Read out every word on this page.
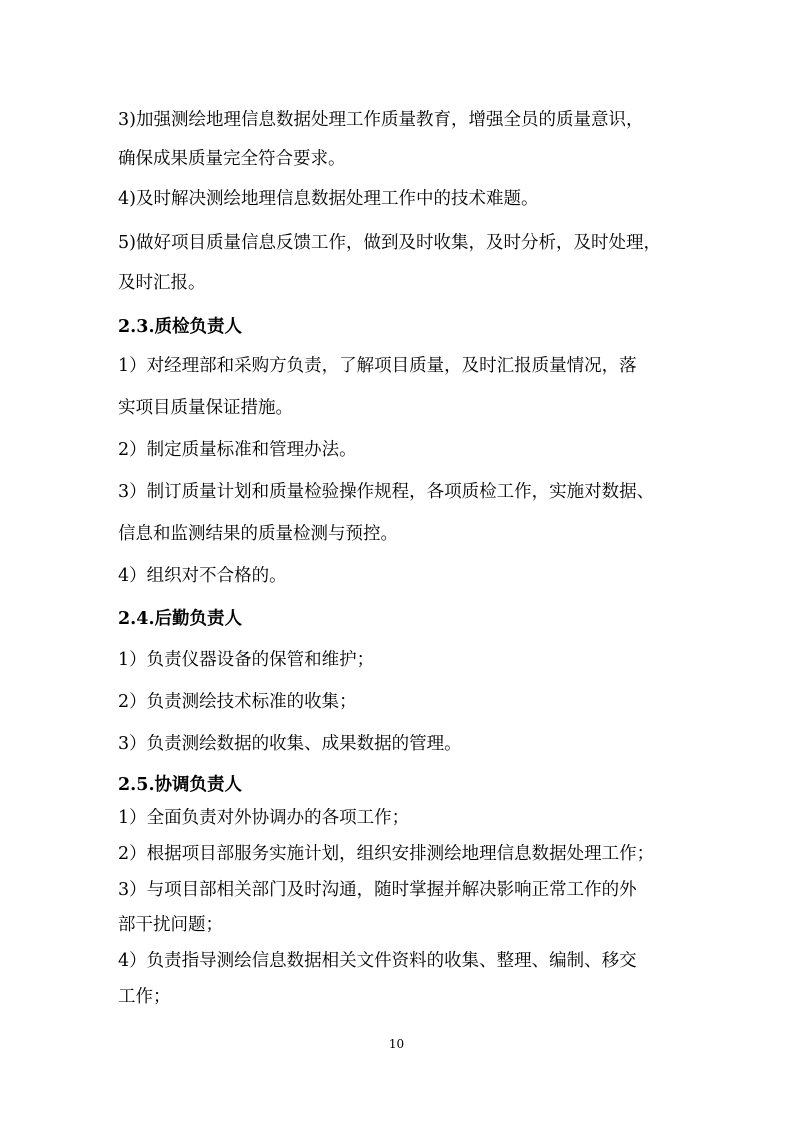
3)加强测绘地理信息数据处理工作质量教育，增强全员的质量意识，
确保成果质量完全符合要求。
4)及时解决测绘地理信息数据处理工作中的技术难题。
5)做好项目质量信息反馈工作，做到及时收集，及时分析，及时处理，
及时汇报。
2.3.质检负责人
1）对经理部和采购方负责，了解项目质量，及时汇报质量情况，落
实项目质量保证措施。
2）制定质量标准和管理办法。
3）制订质量计划和质量检验操作规程，各项质检工作，实施对数据、
信息和监测结果的质量检测与预控。
4）组织对不合格的。
2.4.后勤负责人
1）负责仪器设备的保管和维护；
2）负责测绘技术标准的收集；
3）负责测绘数据的收集、成果数据的管理。
2.5.协调负责人
1）全面负责对外协调办的各项工作；
2）根据项目部服务实施计划，组织安排测绘地理信息数据处理工作；
3）与项目部相关部门及时沟通，随时掌握并解决影响正常工作的外
部干扰问题；
4）负责指导测绘信息数据相关文件资料的收集、整理、编制、移交
工作；
10
